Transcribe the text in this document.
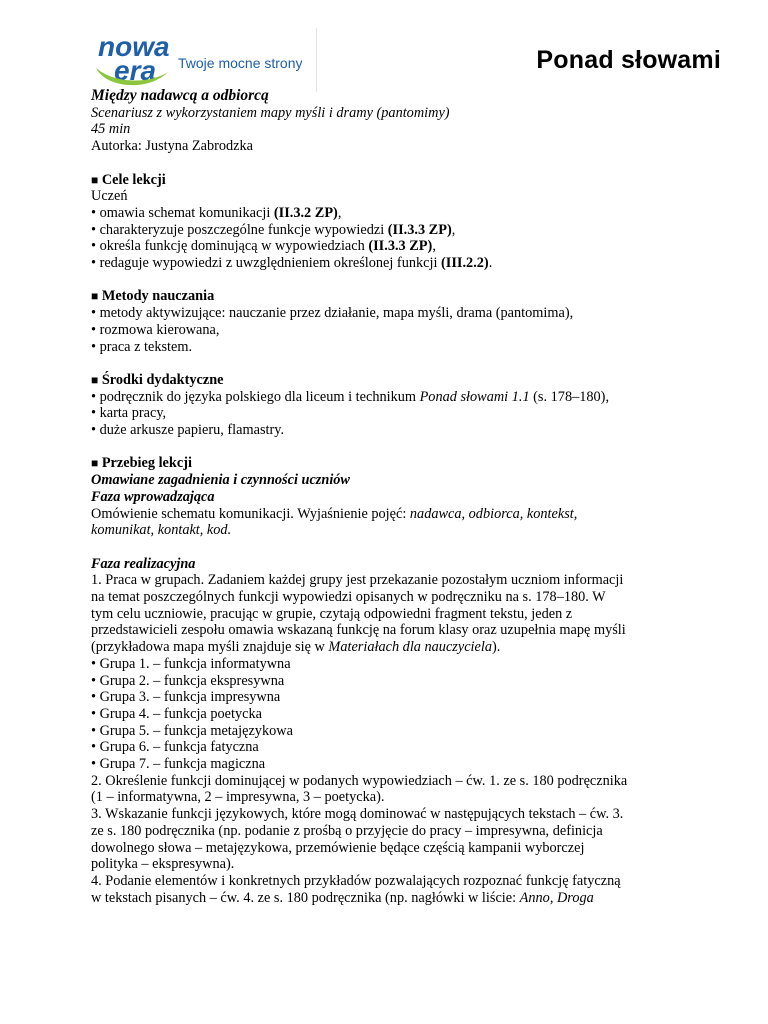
nowa
era Twoje mocne strony	Ponad słowami
Między nadawcą a odbiorcą
Scenariusz z wykorzystaniem mapy myśli i dramy (pantomimy)
45 min
Autorka: Justyna Zabrodzka
■ Cele lekcji
Uczeń
• omawia schemat komunikacji (II.3.2 ZP),
• charakteryzuje poszczególne funkcje wypowiedzi (II.3.3 ZP),
• określa funkcję dominującą w wypowiedziach (II.3.3 ZP),
• redaguje wypowiedzi z uwzględnieniem określonej funkcji (III.2.2).
■ Metody nauczania
• metody aktywizujące: nauczanie przez działanie, mapa myśli, drama (pantomima),
• rozmowa kierowana,
• praca z tekstem.
■ Środki dydaktyczne
• podręcznik do języka polskiego dla liceum i technikum Ponad słowami 1.1 (s. 178–180),
• karta pracy,
• duże arkusze papieru, flamastry.
■ Przebieg lekcji
Omawiane zagadnienia i czynności uczniów
Faza wprowadzająca
Omówienie schematu komunikacji. Wyjaśnienie pojęć: nadawca, odbiorca, kontekst,
komunikat, kontakt, kod.
Faza realizacyjna
1. Praca w grupach. Zadaniem każdej grupy jest przekazanie pozostałym uczniom informacji
na temat poszczególnych funkcji wypowiedzi opisanych w podręczniku na s. 178–180. W
tym celu uczniowie, pracując w grupie, czytają odpowiedni fragment tekstu, jeden z
przedstawicieli zespołu omawia wskazaną funkcję na forum klasy oraz uzupełnia mapę myśli
(przykładowa mapa myśli znajduje się w Materiałach dla nauczyciela).
• Grupa 1. – funkcja informatywna
• Grupa 2. – funkcja ekspresywna
• Grupa 3. – funkcja impresywna
• Grupa 4. – funkcja poetycka
• Grupa 5. – funkcja metajęzykowa
• Grupa 6. – funkcja fatyczna
• Grupa 7. – funkcja magiczna
2. Określenie funkcji dominującej w podanych wypowiedziach – ćw. 1. ze s. 180 podręcznika
(1 – informatywna, 2 – impresywna, 3 – poetycka).
3. Wskazanie funkcji językowych, które mogą dominować w następujących tekstach – ćw. 3.
ze s. 180 podręcznika (np. podanie z prośbą o przyjęcie do pracy – impresywna, definicja
dowolnego słowa – metajęzykowa, przemówienie będące częścią kampanii wyborczej
polityka – ekspresywna).
4. Podanie elementów i konkretnych przykładów pozwalających rozpoznać funkcję fatyczną
w tekstach pisanych – ćw. 4. ze s. 180 podręcznika (np. nagłówki w liście: Anno, Droga
